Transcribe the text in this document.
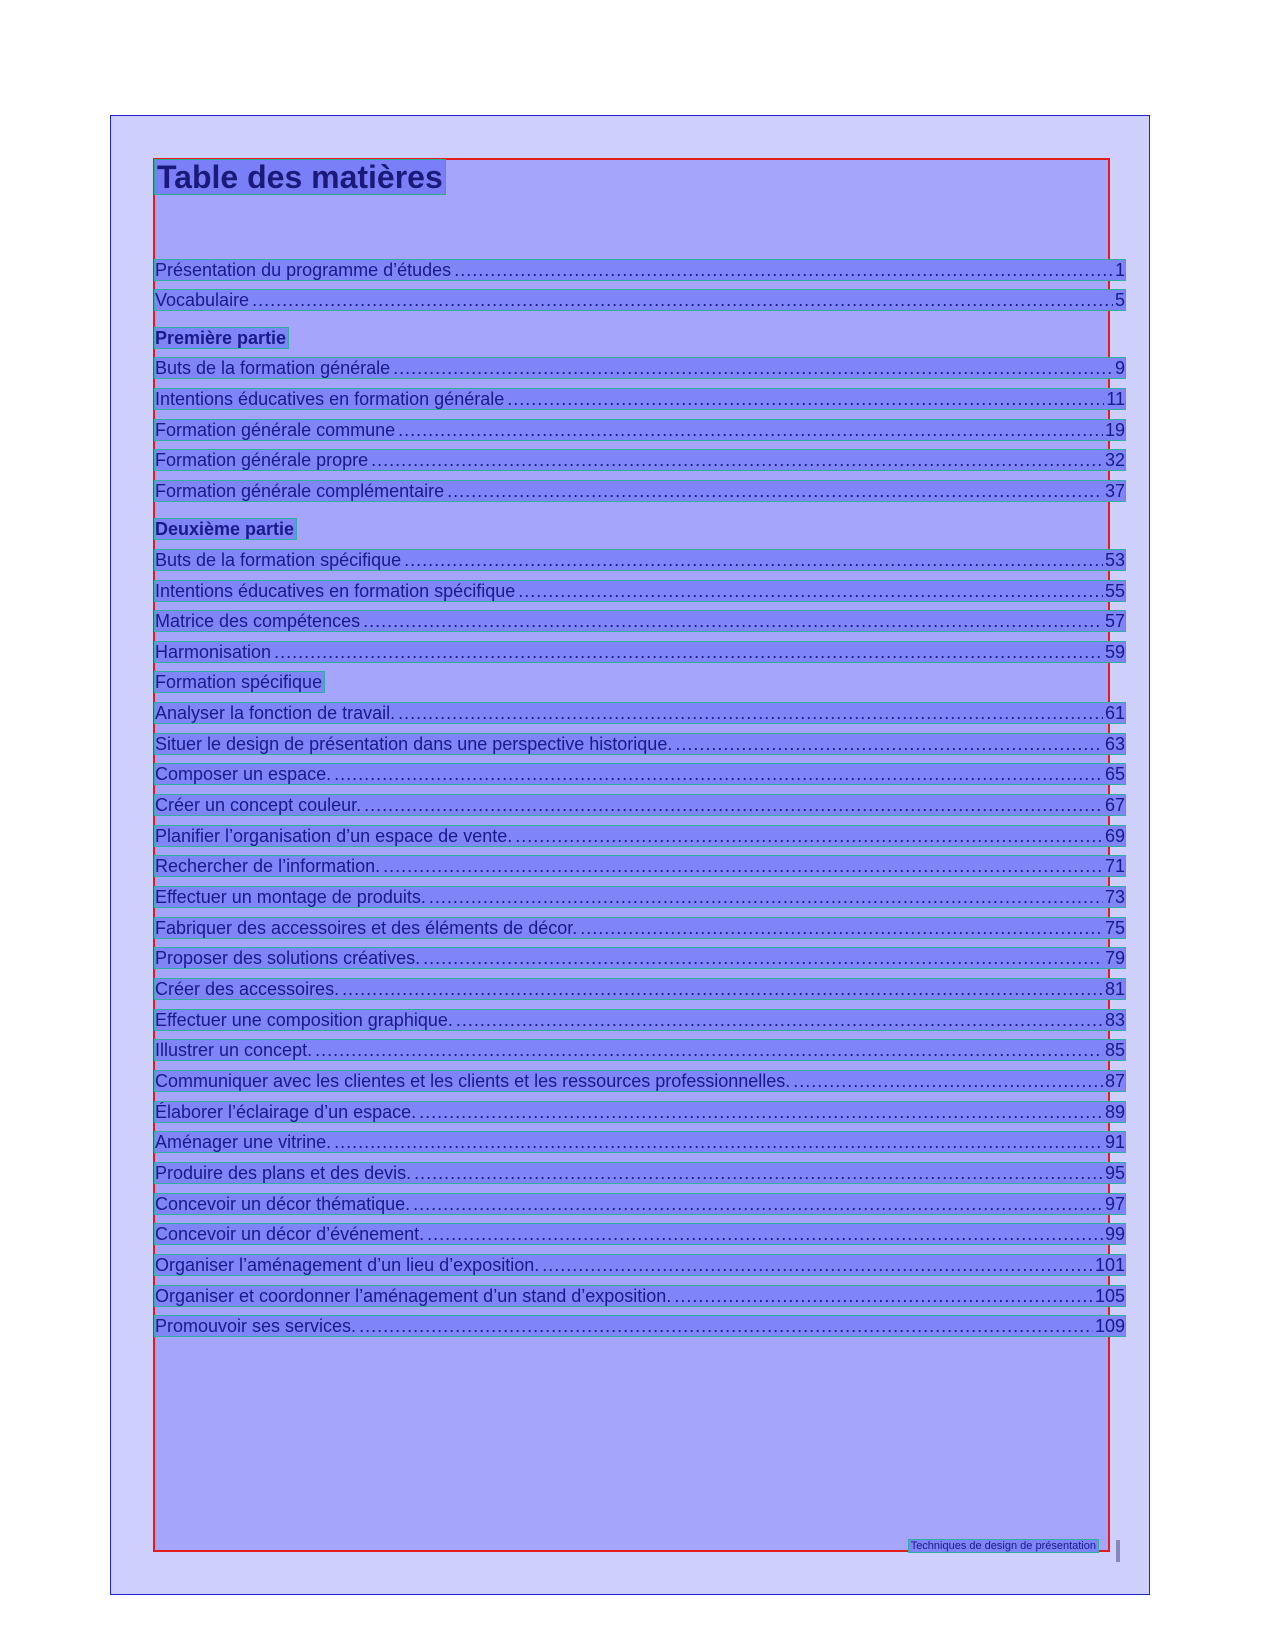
Table des matières
Présentation du programme d’études .....	1
Vocabulaire .....	5
Première partie
Buts de la formation générale .....	9
Intentions éducatives en formation générale .....	11
Formation générale commune .....	19
Formation générale propre .....	32
Formation générale complémentaire .....	37
Deuxième partie
Buts de la formation spécifique .....	53
Intentions éducatives en formation spécifique .....	55
Matrice des compétences .....	57
Harmonisation .....	59
Formation spécifique
Analyser la fonction de travail. .....	61
Situer le design de présentation dans une perspective historique. .....	63
Composer un espace. .....	65
Créer un concept couleur. .....	67
Planifier l’organisation d’un espace de vente. .....	69
Rechercher de l’information. .....	71
Effectuer un montage de produits. .....	73
Fabriquer des accessoires et des éléments de décor. .....	75
Proposer des solutions créatives. .....	79
Créer des accessoires. .....	81
Effectuer une composition graphique. .....	83
Illustrer un concept. .....	85
Communiquer avec les clientes et les clients et les ressources professionnelles. .....	87
Élaborer l’éclairage d’un espace. .....	89
Aménager une vitrine. .....	91
Produire des plans et des devis. .....	95
Concevoir un décor thématique. .....	97
Concevoir un décor d’événement. .....	99
Organiser l’aménagement d’un lieu d’exposition. .....	101
Organiser et coordonner l’aménagement d’un stand d’exposition. .....	105
Promouvoir ses services. .....	109
Techniques de design de présentation
